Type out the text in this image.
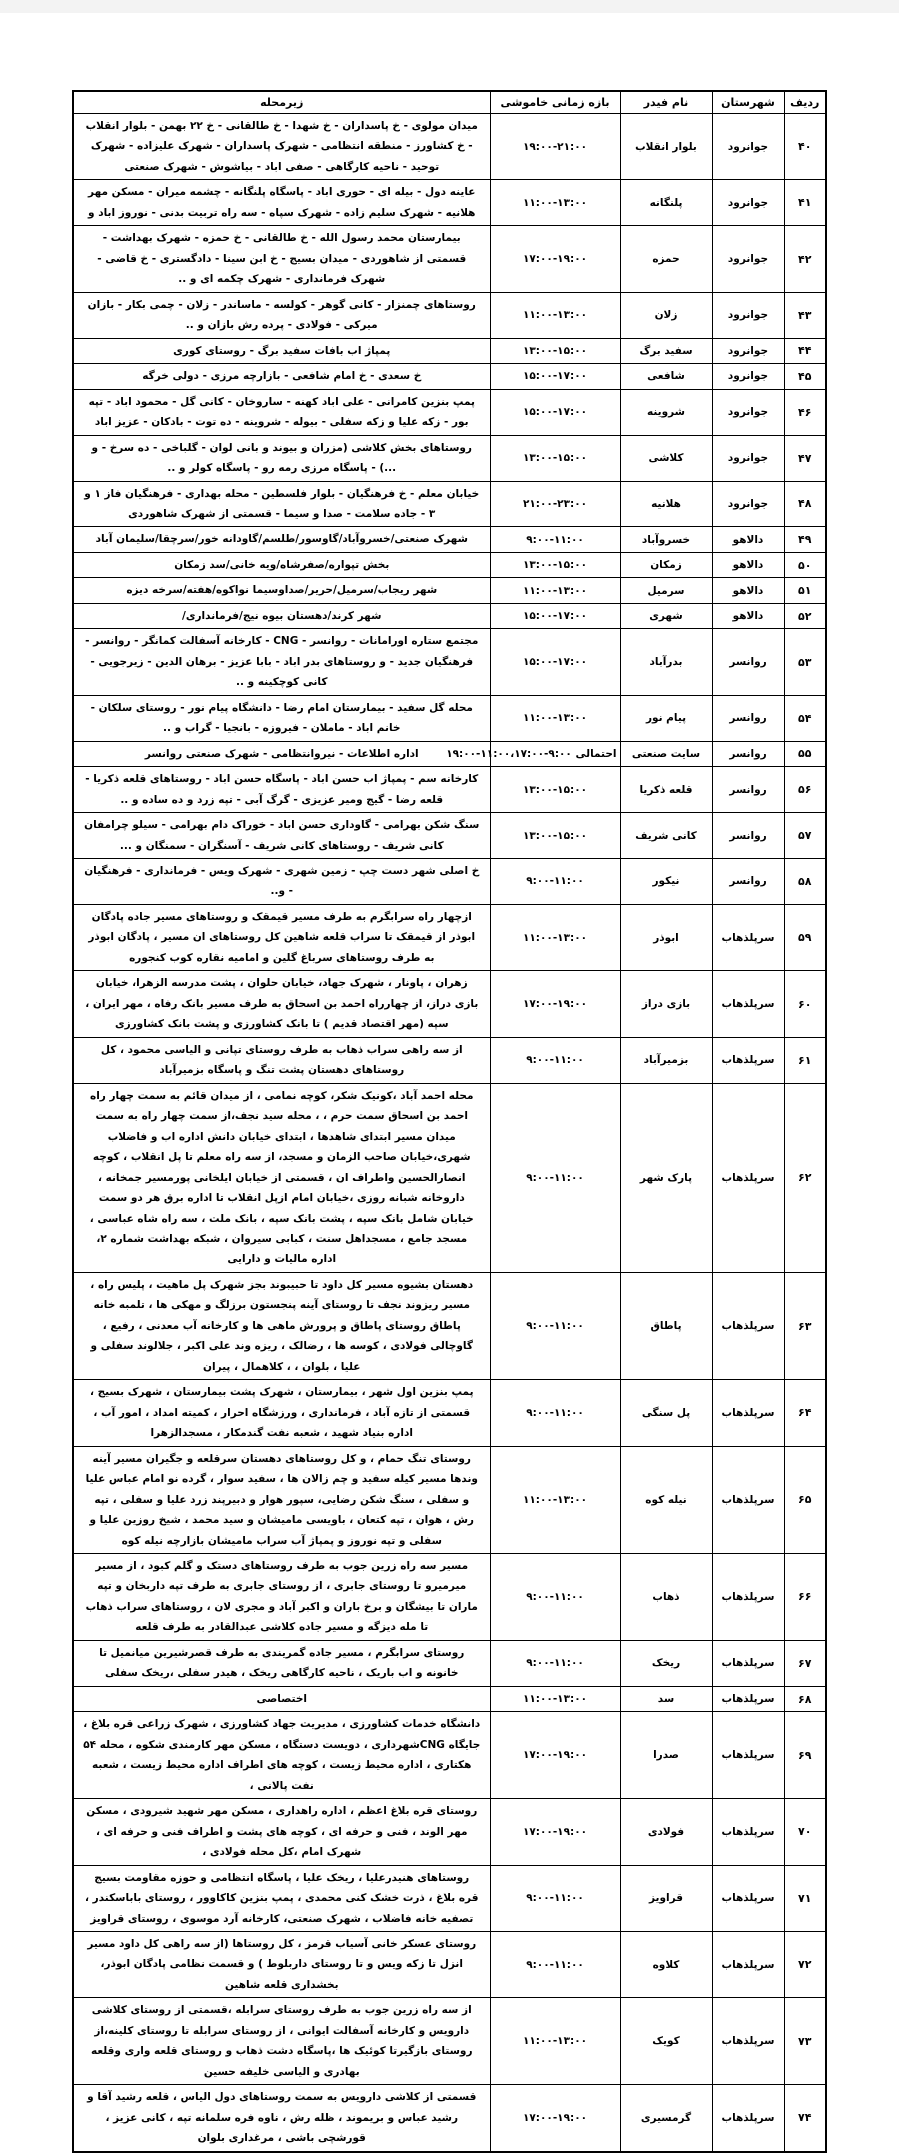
ردیف	شهرستان	نام فیدر	بازه زمانی خاموشی	زیرمحله
۴۰	جوانرود	بلوار انقلاب	۱۹:۰۰-۲۱:۰۰	میدان مولوی - خ پاسداران - خ شهدا - خ طالقانی - خ ۲۲ بهمن - بلوار انقلاب - خ کشاورز - منطقه انتظامی - شهرک پاسداران - شهرک علیزاده - شهرک توحید - ناحیه کارگاهی - صفی اباد - بیاشوش - شهرک صنعتی
۴۱	جوانرود	پلنگانه	۱۱:۰۰-۱۳:۰۰	عاینه دول - بیله ای - حوری اباد - پاسگاه پلنگانه - چشمه میران - مسکن مهر هلانیه - شهرک سلیم زاده - شهرک سپاه - سه راه تربیت بدنی - نوروز اباد و
۴۲	جوانرود	حمزه	۱۷:۰۰-۱۹:۰۰	بیمارستان محمد رسول الله - خ طالقانی - خ حمزه - شهرک بهداشت - قسمتی از شاهوردی - میدان بسیج - خ ابن سینا - دادگستری - خ قاضی - شهرک فرمانداری - شهرک چکمه ای و ..
۴۳	جوانرود	زلان	۱۱:۰۰-۱۳:۰۰	روستاهای چمنزار - کانی گوهر - کولسه - ماساندر - زلان - چمی بکار - بازان میرکی - فولادی - پرده رش بازان و ..
۴۴	جوانرود	سفید برگ	۱۳:۰۰-۱۵:۰۰	پمپاژ اب بافات سفید برگ - روستای کوری
۴۵	جوانرود	شافعی	۱۵:۰۰-۱۷:۰۰	خ سعدی - خ امام شافعی - بازارچه مرزی - دولی خرگه
۴۶	جوانرود	شروینه	۱۵:۰۰-۱۷:۰۰	پمپ بنزین کامرانی - علی اباد کهنه - ساروخان - کانی گل - محمود اباد - تپه بور - زکه علیا و زکه سفلی - بیوله - شروینه - ده توت - بادکان - عزیز اباد
۴۷	جوانرود	کلاشی	۱۳:۰۰-۱۵:۰۰	روستاهای بخش کلاشی (مزران و بیوند و بانی لوان - گلباخی - ده سرخ - و ...) - پاسگاه مرزی رمه رو - پاسگاه کولر و ..
۴۸	جوانرود	هلانیه	۲۱:۰۰-۲۳:۰۰	خیابان معلم - خ فرهنگیان - بلوار فلسطین - محله بهداری - فرهنگیان فاز ۱ و ۳ - جاده سلامت - صدا و سیما - قسمتی از شهرک شاهوردی
۴۹	دالاهو	خسروآباد	۹:۰۰-۱۱:۰۰	شهرک صنعتی/خسروآباد/گاوسور/طلسم/گاودانه خور/سرچقا/سلیمان آباد
۵۰	دالاهو	زمکان	۱۳:۰۰-۱۵:۰۰	بخش تپواره/صفرشاه/ویه خانی/سد زمکان
۵۱	دالاهو	سرمیل	۱۱:۰۰-۱۳:۰۰	شهر ریجاب/سرمیل/حریر/صداوسیما نواکوه/هفته/سرخه دیزه
۵۲	دالاهو	شهری	۱۵:۰۰-۱۷:۰۰	شهر کرند/دهستان بیوه نیج/فرمانداری/
۵۳	روانسر	بدرآباد	۱۵:۰۰-۱۷:۰۰	مجتمع ستاره اورامانات - روانسر - CNG - کارخانه آسفالت کمانگر - روانسر - فرهنگیان جدید - و روستاهای بدر اباد - بابا عزیز - برهان الدین - زیرجویی - کانی کوچکینه و ..
۵۴	روانسر	پیام نور	۱۱:۰۰-۱۳:۰۰	محله گل سفید - بیمارستان امام رضا - دانشگاه پیام نور - روستای سلکان - خانم اباد - ماملان - فیروزه - بانجیا - گراب و ..
۵۵	روانسر	سایت صنعتی	احتمالی ۹:۰۰-۱۱:۰۰،۱۷:۰۰-۱۹:۰۰	اداره اطلاعات - نیروانتظامی - شهرک صنعتی روانسر
۵۶	روانسر	قلعه ذکریا	۱۳:۰۰-۱۵:۰۰	کارخانه سم - پمپاژ اب حسن اباد - پاسگاه حسن اباد - روستاهای قلعه ذکریا - قلعه رضا - گیج ومیر عزیزی - گرگ آبی - تپه زرد و ده ساده و ..
۵۷	روانسر	کانی شریف	۱۳:۰۰-۱۵:۰۰	سنگ شکن بهرامی - گاوداری حسن اباد - خوراک دام بهرامی - سیلو چرامفان کانی شریف - روستاهای کانی شریف - آسنگران - سمنگان و ...
۵۸	روانسر	نیکور	۹:۰۰-۱۱:۰۰	خ اصلی شهر دست چپ - زمین شهری - شهرک ویس - فرمانداری - فرهنگیان - و..
۵۹	سرپلذهاب	ابوذر	۱۱:۰۰-۱۳:۰۰	ازچهار راه سرابگرم به طرف مسیر قیمقک و روستاهای مسیر جاده پادگان ابوذر از قیمقک تا سراب قلعه شاهین کل روستاهای ان مسیر ، پادگان ابوذر به طرف روستاهای سرباغ گلین و امامیه نقاره کوب کنجوره
۶۰	سرپلذهاب	بازی دراز	۱۷:۰۰-۱۹:۰۰	زهران ، پاونار ، شهرک جهاد، خیابان حلوان ، پشت مدرسه الزهرا، خیابان بازی دراز، از چهارراه احمد بن اسحاق به طرف مسیر بانک رفاه ، مهر ایران ، سپه (مهر اقتصاد قدیم ) تا بانک کشاورزی و پشت بانک کشاورزی
۶۱	سرپلذهاب	بزمیرآباد	۹:۰۰-۱۱:۰۰	از سه راهی سراب ذهاب به طرف روستای تپانی و الیاسی محمود ، کل روستاهای دهستان پشت تنگ و پاسگاه بزمیرآباد
۶۲	سرپلذهاب	پارک شهر	۹:۰۰-۱۱:۰۰	محله احمد آباد ،کونیک شکر، کوچه نمامی ، از میدان قائم به سمت چهار راه احمد بن اسحاق سمت حرم ، ، محله سید نجف،از سمت چهار راه به سمت میدان مسیر ابتدای شاهدها ، ابتدای خیابان دانش اداره اب و فاضلاب شهری،خیابان صاحب الزمان و مسجد، از سه راه معلم تا پل انقلاب ، کوچه انصارالحسین واطراف ان ، قسمتی از خیابان ایلخانی پورمسیر جمخانه ، داروخانه شبانه روزی ،خیابان امام ازپل انقلاب تا اداره برق هر دو سمت خیابان شامل بانک سپه ، پشت بانک سپه ، بانک ملت ، سه راه شاه عباسی ، مسجد جامع ، مسجداهل سنت ، کبابی سیروان ، شبکه بهداشت شماره ۲، اداره مالیات و دارایی
۶۳	سرپلذهاب	پاطاق	۹:۰۰-۱۱:۰۰	دهستان بشیوه مسیر کل داود تا حبیبوند بجز شهرک پل ماهیت ، پلیس راه ، مسیر ریزوند نجف تا روستای آینه پنجستون برزلگ و مهکی ها ، تلمبه خانه پاطاق روستای پاطاق و پرورش ماهی ها و کارخانه آب معدنی ، رفیع ، گاوچالی فولادی ، کوسه ها ، رضالک ، ریزه وند علی اکبر ، جلالوند سفلی و علیا ، بلوان ، ، کلاهمال ، پیران
۶۴	سرپلذهاب	پل سنگی	۹:۰۰-۱۱:۰۰	پمپ بنزین اول شهر ، بیمارستان ، شهرک پشت بیمارستان ، شهرک بسیج ، قسمتی از تازه آباد ، فرمانداری ، ورزشگاه احرار ، کمیته امداد ، امور آب ، اداره بنیاد شهید ، شعبه نفت گندمکار ، مسجدالزهرا
۶۵	سرپلذهاب	نیله کوه	۱۱:۰۰-۱۳:۰۰	روستای تنگ حمام ، و کل روستاهای دهستان سرقلعه و جگیران مسیر آینه وندها مسیر کیله سفید و چم زالان ها ، سفید سوار ، گرده نو امام عباس علیا و سفلی ، سنگ شکن رضایی، سپور هوار و دبیرپند زرد علیا و سفلی ، تپه رش ، هوان ، تپه کتعان ، باویسی مامیشان و سید محمد ، شیخ روزین علیا و سفلی و تپه نوروز و پمپاژ آب سراب مامیشان بازارچه نیله کوه
۶۶	سرپلذهاب	ذهاب	۹:۰۰-۱۱:۰۰	مسیر سه راه زرین جوب به طرف روستاهای دستک و گلم کبود ، از مسیر میرمیرو تا روستای جابری ، از روستای جابری به طرف تپه داربخان و تپه ماران تا بیشگان و برخ باران و اکبر آباد و مجری لان ، روستاهای سراب ذهاب تا مله دیزگه و مسیر جاده کلاشی عبدالقادر به طرف قلعه
۶۷	سرپلذهاب	ریخک	۹:۰۰-۱۱:۰۰	روستای سرابگرم ، مسیر جاده گمریندی به طرف قصرشیرین میانمیل تا خانونه و اب باریک ، ناحیه کارگاهی ریخک ، هیدر سفلی ،ریخک سفلی
۶۸	سرپلذهاب	سد	۱۱:۰۰-۱۳:۰۰	اختصاصی
۶۹	سرپلذهاب	صدرا	۱۷:۰۰-۱۹:۰۰	دانشگاه خدمات کشاورزی ، مدیریت جهاد کشاورزی ، شهرک زراعی قره بلاغ ، جایگاه CNGشهرداری ، دویست دستگاه ، مسکن مهر کارمندی شکوه ، محله ۵۴ هکتاری ، اداره محیط زیست ، کوچه های اطراف اداره محیط زیست ، شعبه نفت پالانی ،
۷۰	سرپلذهاب	فولادی	۱۷:۰۰-۱۹:۰۰	روستای قره بلاغ اعظم ، اداره راهداری ، مسکن مهر شهید شیرودی ، مسکن مهر الوند ، فنی و حرفه ای ، کوچه های پشت و اطراف فنی و حرفه ای ، شهرک امام ،کل محله فولادی ،
۷۱	سرپلذهاب	قراویز	۹:۰۰-۱۱:۰۰	روستاهای هنیدرعلیا ، ریخک علیا ، پاسگاه انتظامی و حوزه مقاومت بسیج قره بلاغ ، ذرت خشک کنی محمدی ، پمپ بنزین کاکاوور ، روستای باباسکندر ، تصفیه خانه فاضلاب ، شهرک صنعتی، کارخانه آرد موسوی ، روستای قراویز
۷۲	سرپلذهاب	کلاوه	۹:۰۰-۱۱:۰۰	روستای عسکر خانی آسیاب قرمز ، کل روستاها (از سه راهی کل داود مسیر انزل تا زکه ویس و تا روستای داربلوط ) و قسمت نظامی پادگان ابوذر، بخشداری قلعه شاهین
۷۳	سرپلذهاب	کویک	۱۱:۰۰-۱۳:۰۰	از سه راه زرین جوب به طرف روستای سرابله ،قسمتی از روستای کلاشی دارویس و کارخانه آسفالت ایوانی ، از روستای سرابله تا روستای کلینه،از روستای بازگیرتا کوئیک ها ،پاسگاه دشت ذهاب و روستای قلعه واری وقلعه بهادری و الیاسی خلیفه حسین
۷۴	سرپلذهاب	گرمسیری	۱۷:۰۰-۱۹:۰۰	قسمتی از کلاشی دارویس به سمت روستاهای دول الیاس ، قلعه رشید آقا و رشید عباس و بریموند ، ظله رش ، ناوه فره سلمانه تپه ، کانی عزیز ، قورشچی باشی ، مرغداری بلوان
